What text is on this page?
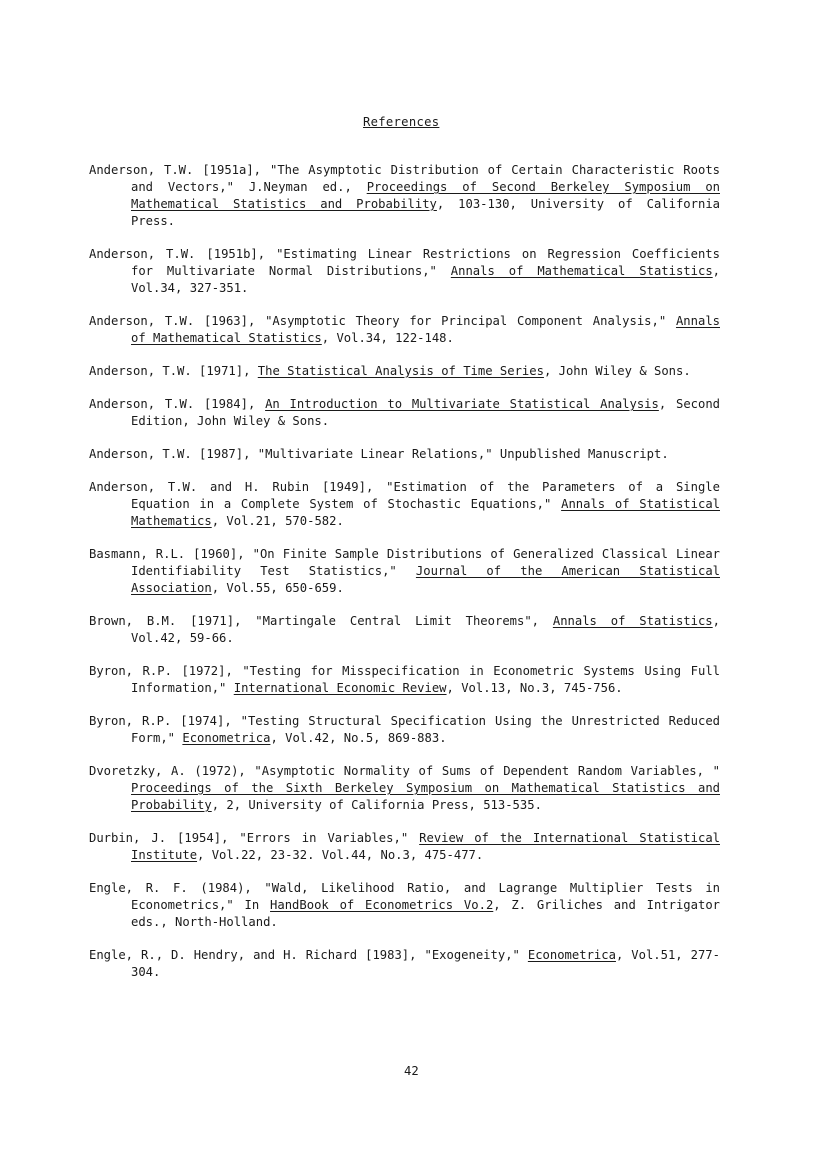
References

Anderson, T.W. [1951a], "The Asymptotic Distribution of Certain Characteristic Roots and Vectors," J.Neyman ed., Proceedings of Second Berkeley Symposium on Mathematical Statistics and Probability, 103-130, University of California Press.

Anderson, T.W. [1951b], "Estimating Linear Restrictions on Regression Coefficients for Multivariate Normal Distributions," Annals of Mathematical Statistics, Vol.34, 327-351.

Anderson, T.W. [1963], "Asymptotic Theory for Principal Component Analysis," Annals of Mathematical Statistics, Vol.34, 122-148.

Anderson, T.W. [1971], The Statistical Analysis of Time Series, John Wiley & Sons.

Anderson, T.W. [1984], An Introduction to Multivariate Statistical Analysis, Second Edition, John Wiley & Sons.

Anderson, T.W. [1987], "Multivariate Linear Relations," Unpublished Manuscript.

Anderson, T.W. and H. Rubin [1949], "Estimation of the Parameters of a Single Equation in a Complete System of Stochastic Equations," Annals of Statistical Mathematics, Vol.21, 570-582.

Basmann, R.L. [1960], "On Finite Sample Distributions of Generalized Classical Linear Identifiability Test Statistics," Journal of the American Statistical Association, Vol.55, 650-659.

Brown, B.M. [1971], "Martingale Central Limit Theorems", Annals of Statistics, Vol.42, 59-66.

Byron, R.P. [1972], "Testing for Misspecification in Econometric Systems Using Full Information," International Economic Review, Vol.13, No.3, 745-756.

Byron, R.P. [1974], "Testing Structural Specification Using the Unrestricted Reduced Form," Econometrica, Vol.42, No.5, 869-883.

Dvoretzky, A. (1972), "Asymptotic Normality of Sums of Dependent Random Variables, " Proceedings of the Sixth Berkeley Symposium on Mathematical Statistics and Probability, 2, University of California Press, 513-535.

Durbin, J. [1954], "Errors in Variables," Review of the International Statistical Institute, Vol.22, 23-32. Vol.44, No.3, 475-477.

Engle, R. F. (1984), "Wald, Likelihood Ratio, and Lagrange Multiplier Tests in Econometrics," In HandBook of Econometrics Vo.2, Z. Griliches and Intrigator eds., North-Holland.

Engle, R., D. Hendry, and H. Richard [1983], "Exogeneity," Econometrica, Vol.51, 277-304.

42
